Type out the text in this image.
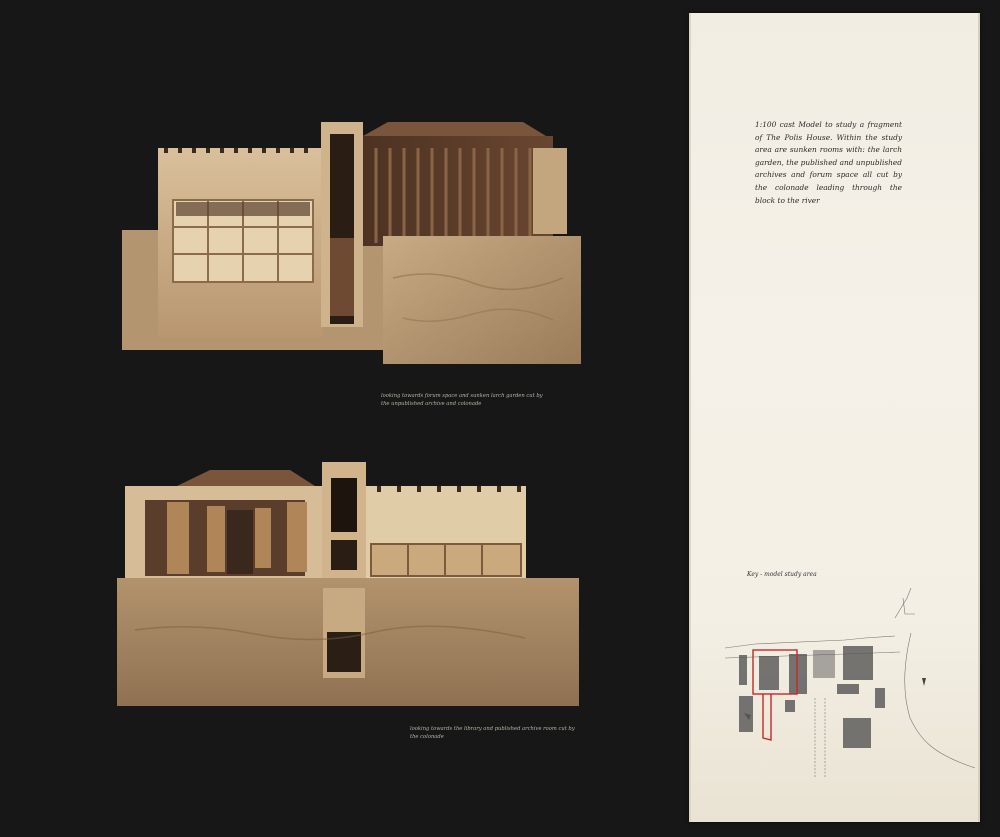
looking towards forum space and sunken larch garden cut by the unpublished archive and colonade
looking towards the library and published archive room cut by the colonade
1:100 cast Model to study a fragment of The Polis House. Within the study area are sunken rooms with: the larch garden, the published and unpublished archives and forum space all cut by the colonade leading through the block to the river
Key - model study area
